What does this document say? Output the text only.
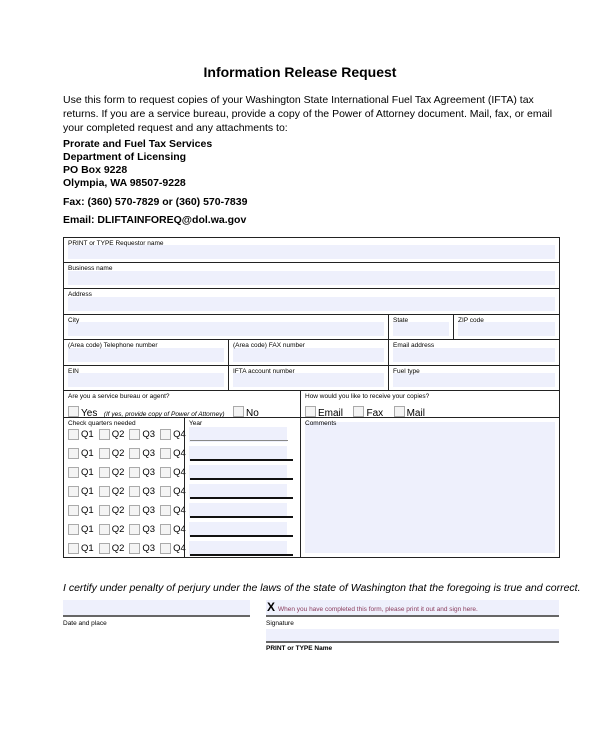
Information Release Request
Use this form to request copies of your Washington State International Fuel Tax Agreement (IFTA) tax returns. If you are a service bureau, provide a copy of the Power of Attorney document. Mail, fax, or email your completed request and any attachments to:
Prorate and Fuel Tax Services
Department of Licensing
PO Box 9228
Olympia, WA 98507-9228
Fax: (360) 570-7829 or (360) 570-7839
Email: DLIFTAINFOREQ@dol.wa.gov
PRINT or TYPE Requestor name
Business name
Address
City	State	ZIP code
(Area code) Telephone number	(Area code) FAX number	Email address
EIN	IFTA account number	Fuel type
Are you a service bureau or agent?
Yes (If yes, provide copy of Power of Attorney) No
How would you like to receive your copies?
Email Fax Mail
Check quarters needed
Q1 Q2 Q3 Q4
Q1 Q2 Q3 Q4
Q1 Q2 Q3 Q4
Q1 Q2 Q3 Q4
Q1 Q2 Q3 Q4
Q1 Q2 Q3 Q4
Q1 Q2 Q3 Q4
Year	Comments
I certify under penalty of perjury under the laws of the state of Washington that the foregoing is true and correct.
Date and place
X When you have completed this form, please print it out and sign here.
Signature
PRINT or TYPE Name
